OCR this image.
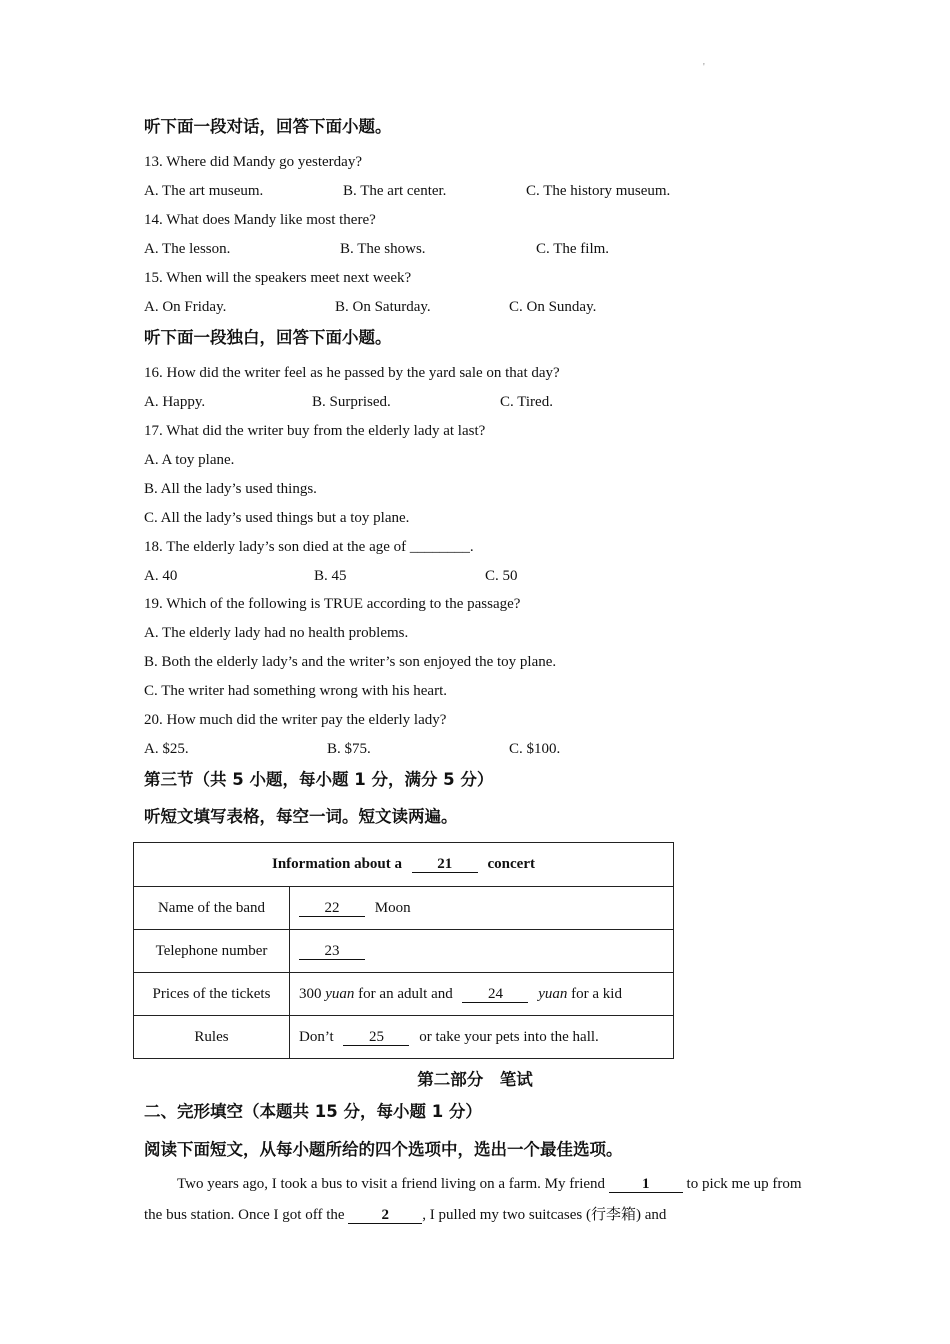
'
听下面一段对话，回答下面小题。
13. Where did Mandy go yesterday?
A. The art museum.	B. The art center.	C. The history museum.
14. What does Mandy like most there?
A. The lesson.	B. The shows.	C. The film.
15. When will the speakers meet next week?
A. On Friday.	B. On Saturday.	C. On Sunday.
听下面一段独白，回答下面小题。
16. How did the writer feel as he passed by the yard sale on that day?
A. Happy.	B. Surprised.	C. Tired.
17. What did the writer buy from the elderly lady at last?
A. A toy plane.
B. All the lady’s used things.
C. All the lady’s used things but a toy plane.
18. The elderly lady’s son died at the age of ________.
A. 40	B. 45	C. 50
19. Which of the following is TRUE according to the passage?
A. The elderly lady had no health problems.
B. Both the elderly lady’s and the writer’s son enjoyed the toy plane.
C. The writer had something wrong with his heart.
20. How much did the writer pay the elderly lady?
A. $25.	B. $75.	C. $100.
第三节（共 5 小题，每小题 1 分，满分 5 分）
听短文填写表格，每空一词。短文读两遍。
Information about a 21 concert	
Name of the band	22 Moon
Telephone number	23
Prices of the tickets	300 yuan for an adult and 24 yuan for a kid
Rules	Don’t 25 or take your pets into the hall.
第二部分　笔试
二、完形填空（本题共 15 分，每小题 1 分）
阅读下面短文，从每小题所给的四个选项中，选出一个最佳选项。
Two years ago, I took a bus to visit a friend living on a farm. My friend 1 to pick me up from the bus station. Once I got off the 2 , I pulled my two suitcases (行李箱) and
